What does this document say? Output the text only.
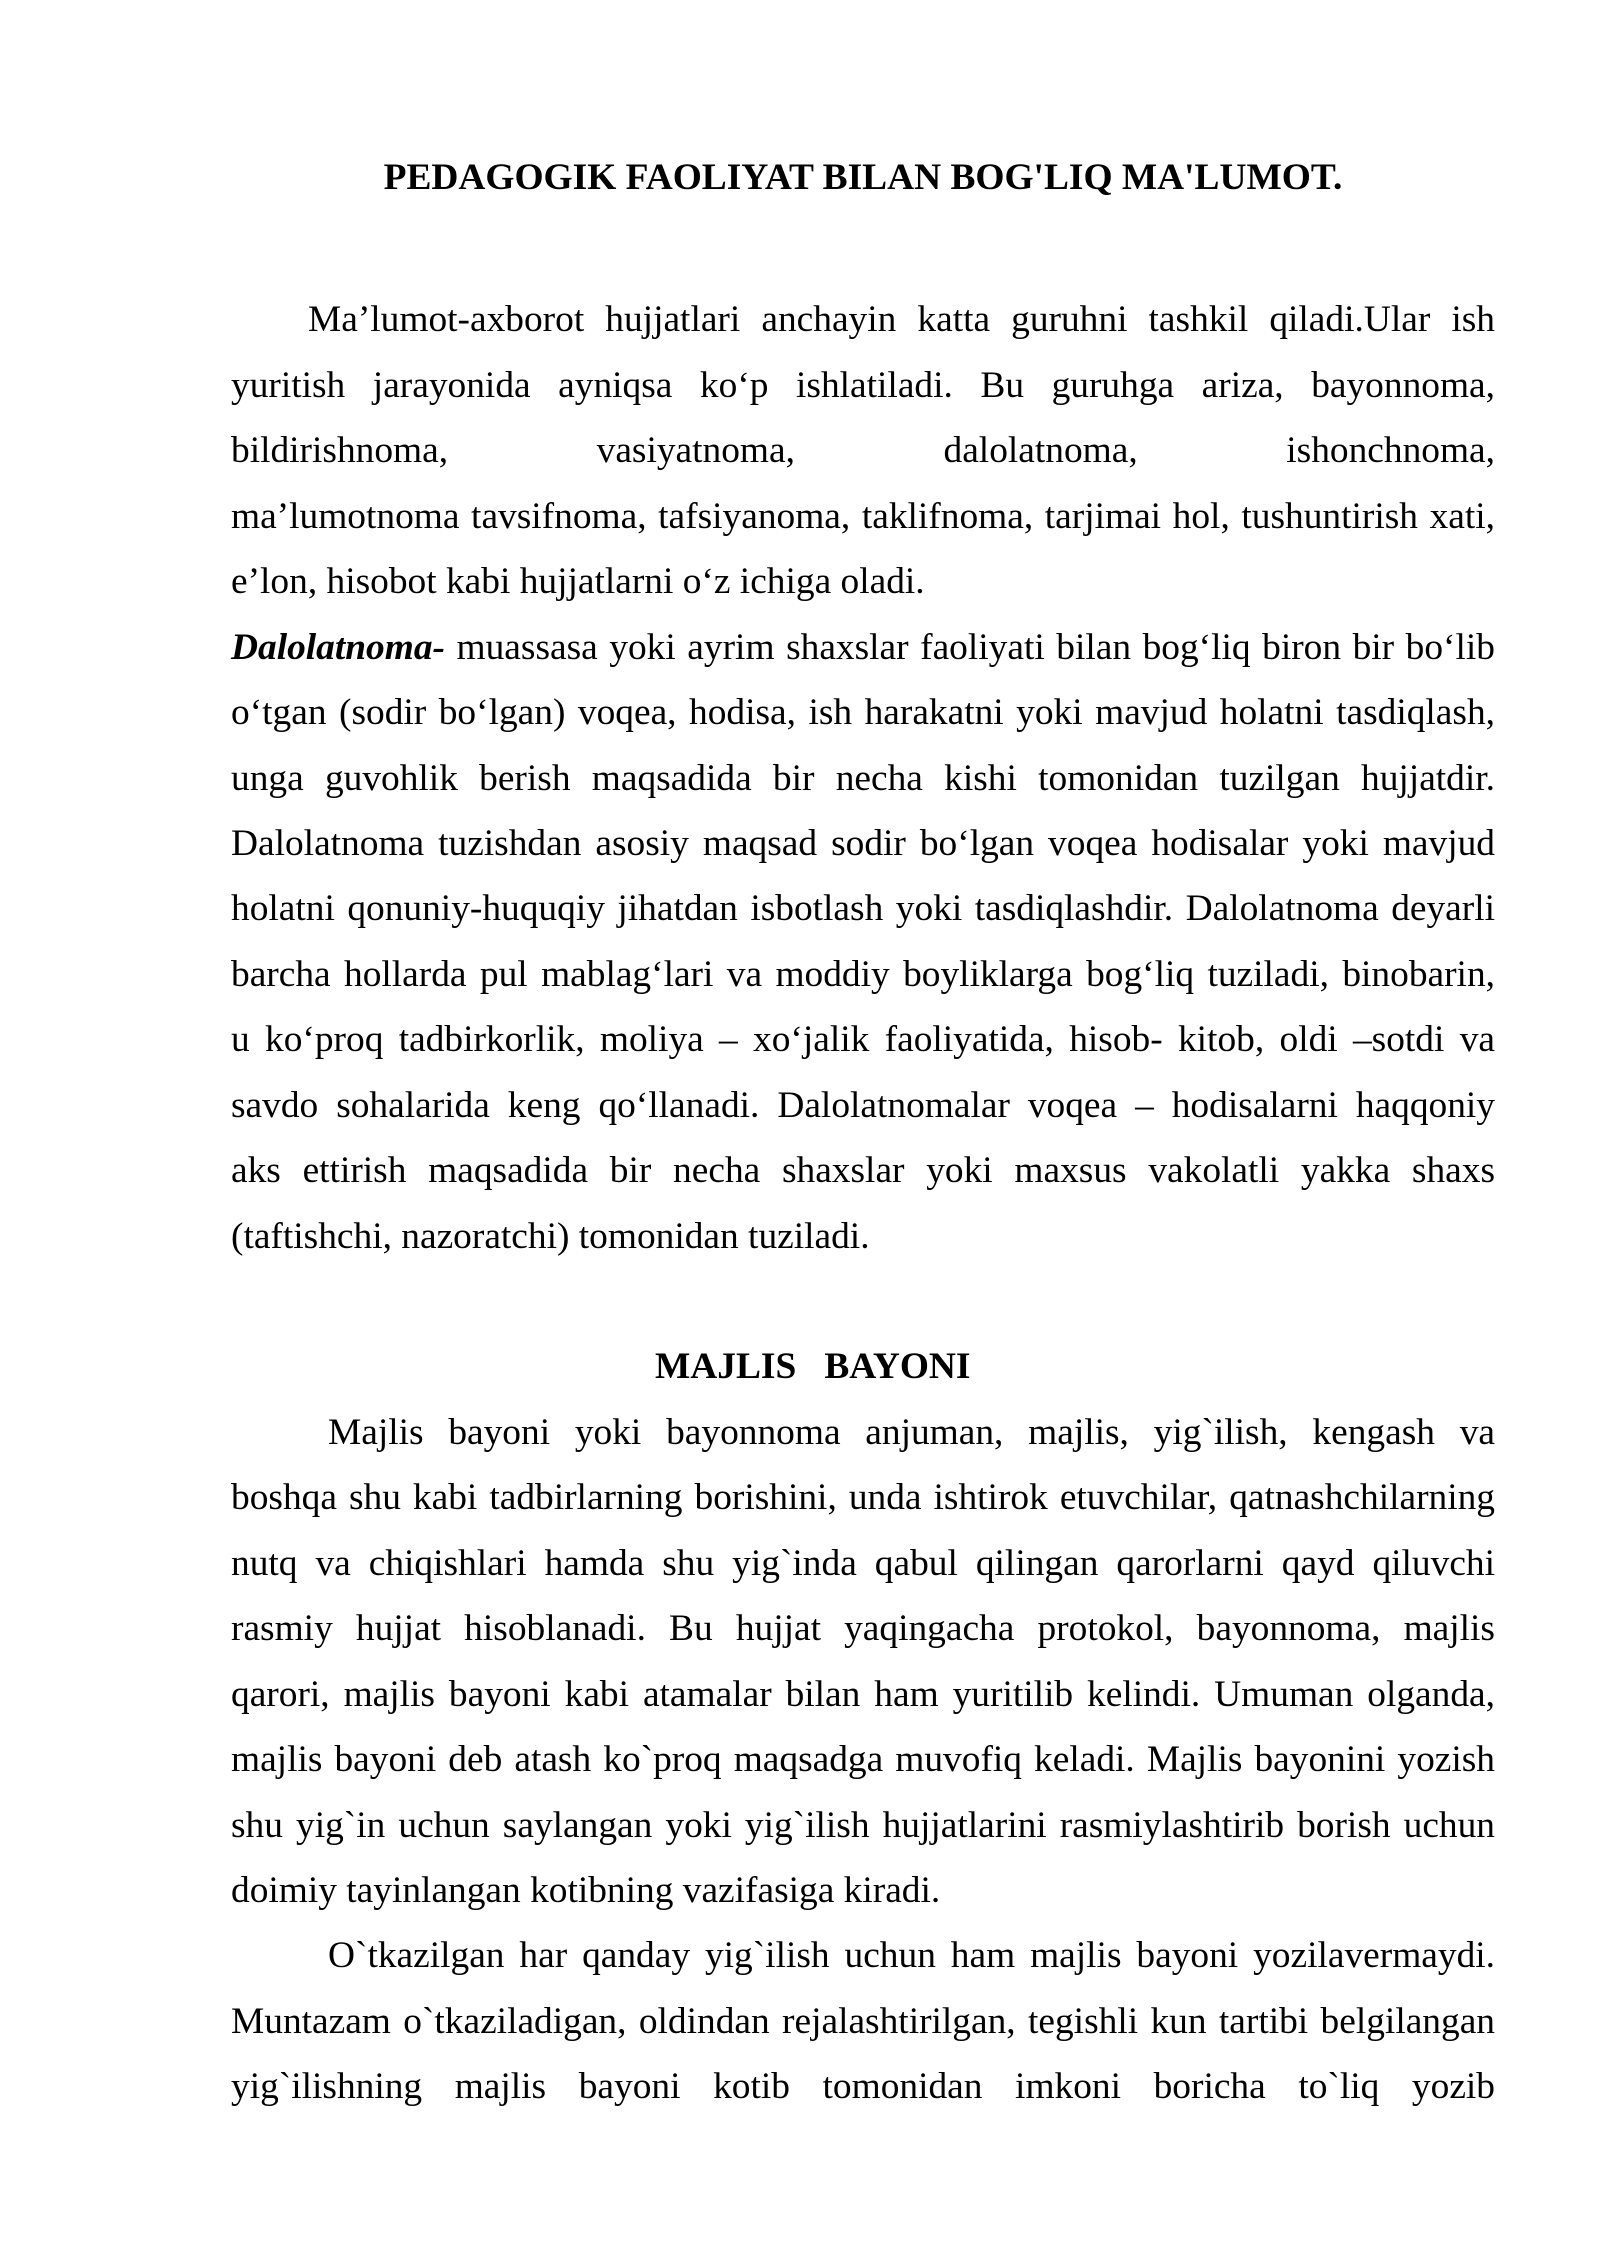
PEDAGOGIK FAOLIYAT BILAN BOG'LIQ MA'LUMOT.
Ma’lumot-axborot hujjatlari anchayin katta guruhni tashkil qiladi.Ular ish
yuritish jarayonida ayniqsa ko‘p ishlatiladi. Bu guruhga ariza, bayonnoma,
bildirishnoma, vasiyatnoma, dalolatnoma, ishonchnoma,
ma’lumotnoma tavsifnoma, tafsiyanoma, taklifnoma, tarjimai hol, tushuntirish xati,
e’lon, hisobot kabi hujjatlarni o‘z ichiga oladi.
Dalolatnoma- muassasa yoki ayrim shaxslar faoliyati bilan bog‘liq biron bir bo‘lib
o‘tgan (sodir bo‘lgan) voqea, hodisa, ish harakatni yoki mavjud holatni tasdiqlash,
unga guvohlik berish maqsadida bir necha kishi tomonidan tuzilgan hujjatdir.
Dalolatnoma tuzishdan asosiy maqsad sodir bo‘lgan voqea hodisalar yoki mavjud
holatni qonuniy-huquqiy jihatdan isbotlash yoki tasdiqlashdir. Dalolatnoma deyarli
barcha hollarda pul mablag‘lari va moddiy boyliklarga bog‘liq tuziladi, binobarin,
u ko‘proq tadbirkorlik, moliya – xo‘jalik faoliyatida, hisob- kitob, oldi –sotdi va
savdo sohalarida keng qo‘llanadi. Dalolatnomalar voqea – hodisalarni haqqoniy
aks ettirish maqsadida bir necha shaxslar yoki maxsus vakolatli yakka shaxs
(taftishchi, nazoratchi) tomonidan tuziladi.
MAJLIS   BAYONI
Majlis bayoni yoki bayonnoma anjuman, majlis, yig`ilish, kengash va
boshqa shu kabi tadbirlarning borishini, unda ishtirok etuvchilar, qatnashchilarning
nutq va chiqishlari hamda shu yig`inda qabul qilingan qarorlarni qayd qiluvchi
rasmiy hujjat hisoblanadi. Bu hujjat yaqingacha protokol, bayonnoma, majlis
qarori, majlis bayoni kabi atamalar bilan ham yuritilib kelindi. Umuman olganda,
majlis bayoni deb atash ko`proq maqsadga muvofiq keladi. Majlis bayonini yozish
shu yig`in uchun saylangan yoki yig`ilish hujjatlarini rasmiylashtirib borish uchun
doimiy tayinlangan kotibning vazifasiga kiradi.
O`tkazilgan har qanday yig`ilish uchun ham majlis bayoni yozilavermaydi.
Muntazam o`tkaziladigan, oldindan rejalashtirilgan, tegishli kun tartibi belgilangan
yig`ilishning majlis bayoni kotib tomonidan imkoni boricha to`liq yozib
